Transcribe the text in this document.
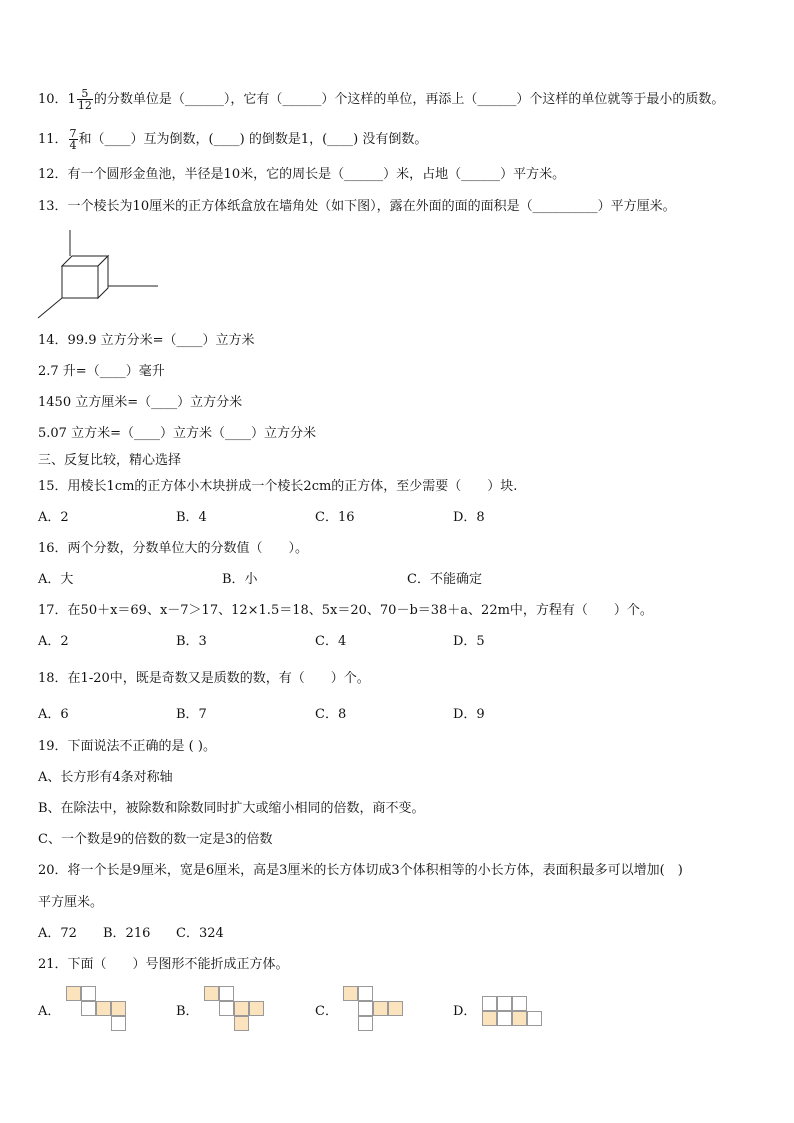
10．$1 \frac{5}{12}$ 的分数单位是（______），它有（______）个这样的单位，再添上（______）个这样的单位就等于最小的质数。
11． $\frac{7}{4}$ 和（____）互为倒数，(____) 的倒数是1，(____) 没有倒数。
12．有一个圆形金鱼池，半径是10米，它的周长是（______）米，占地（______）平方米。
13．一个棱长为10厘米的正方体纸盒放在墙角处（如下图），露在外面的面的面积是（__________）平方厘米。
14．99.9 立方分米=（____）立方米
2.7 升=（____）毫升
1450 立方厘米=（____）立方分米
5.07 立方米=（____）立方米（____）立方分米
三、反复比较，精心选择
15．用棱长1cm的正方体小木块拼成一个棱长2cm的正方体，至少需要（　　）块.
A．2	B．4	C．16	D．8
16．两个分数，分数单位大的分数值（　　）。
A．大	B．小	C．不能确定
17．在50＋x＝69、x－7＞17、12×1.5＝18、5x＝20、70－b＝38＋a、22m中，方程有（　　）个。
A．2	B．3	C．4	D．5
18．在1-20中，既是奇数又是质数的数，有（　　）个。
A．6	B．7	C．8	D．9
19．下面说法不正确的是 ( )。
A、长方形有4条对称轴
B、在除法中，被除数和除数同时扩大或缩小相同的倍数，商不变。
C、一个数是9的倍数的数一定是3的倍数
20．将一个长是9厘米，宽是6厘米，高是3厘米的长方体切成3个体积相等的小长方体，表面积最多可以增加(　)
平方厘米。
A．72 B．216 C．324
21．下面（　　）号图形不能折成正方体。
A．	B．	C．	D．
